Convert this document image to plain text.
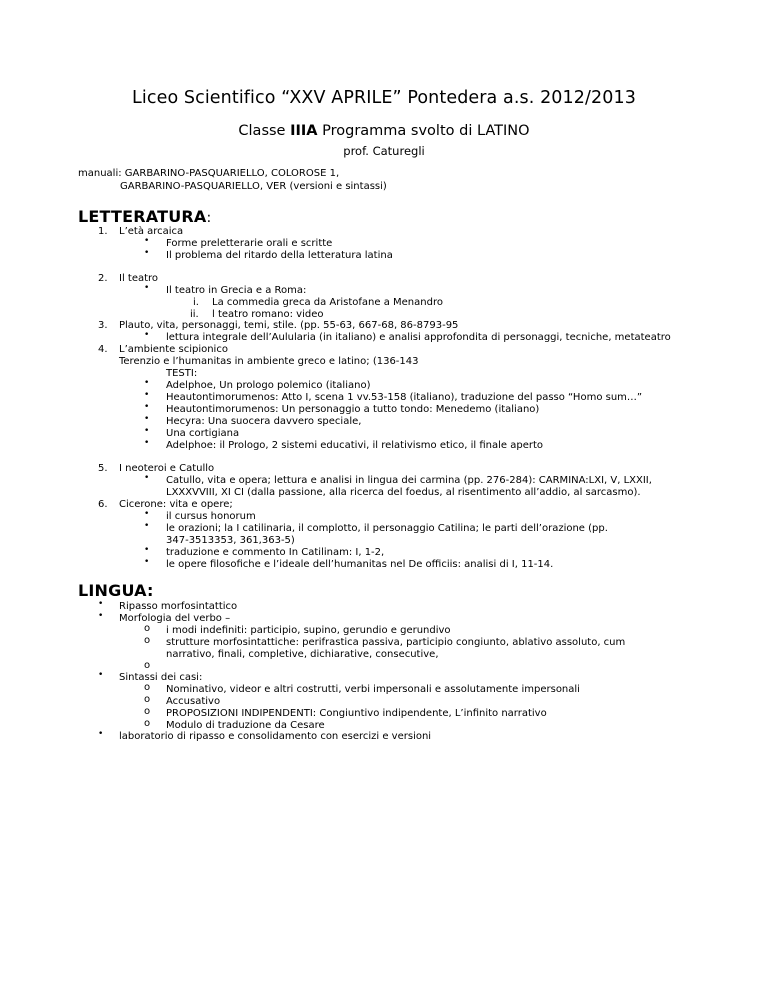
Liceo Scientifico “XXV APRILE” Pontedera a.s. 2012/2013
Classe IIIA Programma svolto di LATINO
prof. Caturegli
manuali: GARBARINO-PASQUARIELLO, COLOROSE 1,
GARBARINO-PASQUARIELLO, VER (versioni e sintassi)
LETTERATURA:
1. L’età arcaica
• Forme preletterarie orali e scritte
• Il problema del ritardo della letteratura latina
2. Il teatro
• Il teatro in Grecia e a Roma:
i. La commedia greca da Aristofane a Menandro
ii. l teatro romano: video
3. Plauto, vita, personaggi, temi, stile. (pp. 55-63, 667-68, 86-8793-95
• lettura integrale dell’Aulularia (in italiano) e analisi approfondita di personaggi, tecniche, metateatro
4. L’ambiente scipionico
Terenzio e l’humanitas in ambiente greco e latino; (136-143
TESTI:
• Adelphoe, Un prologo polemico (italiano)
• Heautontimorumenos: Atto I, scena 1 vv.53-158 (italiano), traduzione del passo “Homo sum…”
• Heautontimorumenos: Un personaggio a tutto tondo: Menedemo (italiano)
• Hecyra: Una suocera davvero speciale,
• Una cortigiana
• Adelphoe: il Prologo, 2 sistemi educativi, il relativismo etico, il finale aperto
5. I neoteroi e Catullo
• Catullo, vita e opera; lettura e analisi in lingua dei carmina (pp. 276-284): CARMINA:LXI, V, LXXII,
LXXXVVIII, XI CI (dalla passione, alla ricerca del foedus, al risentimento all’addio, al sarcasmo).
6. Cicerone: vita e opere;
• il cursus honorum
• le orazioni; la I catilinaria, il complotto, il personaggio Catilina; le parti dell’orazione (pp.
347-3513353, 361,363-5)
• traduzione e commento In Catilinam: I, 1-2,
• le opere filosofiche e l’ideale dell’humanitas nel De officiis: analisi di I, 11-14.
LINGUA:
• Ripasso morfosintattico
• Morfologia del verbo –
o i modi indefiniti: participio, supino, gerundio e gerundivo
o strutture morfosintattiche: perifrastica passiva, participio congiunto, ablativo assoluto, cum
narrativo, finali, completive, dichiarative, consecutive,
o
• Sintassi dei casi:
o Nominativo, videor e altri costrutti, verbi impersonali e assolutamente impersonali
o Accusativo
o PROPOSIZIONI INDIPENDENTI: Congiuntivo indipendente, L’infinito narrativo
o Modulo di traduzione da Cesare
• laboratorio di ripasso e consolidamento con esercizi e versioni
